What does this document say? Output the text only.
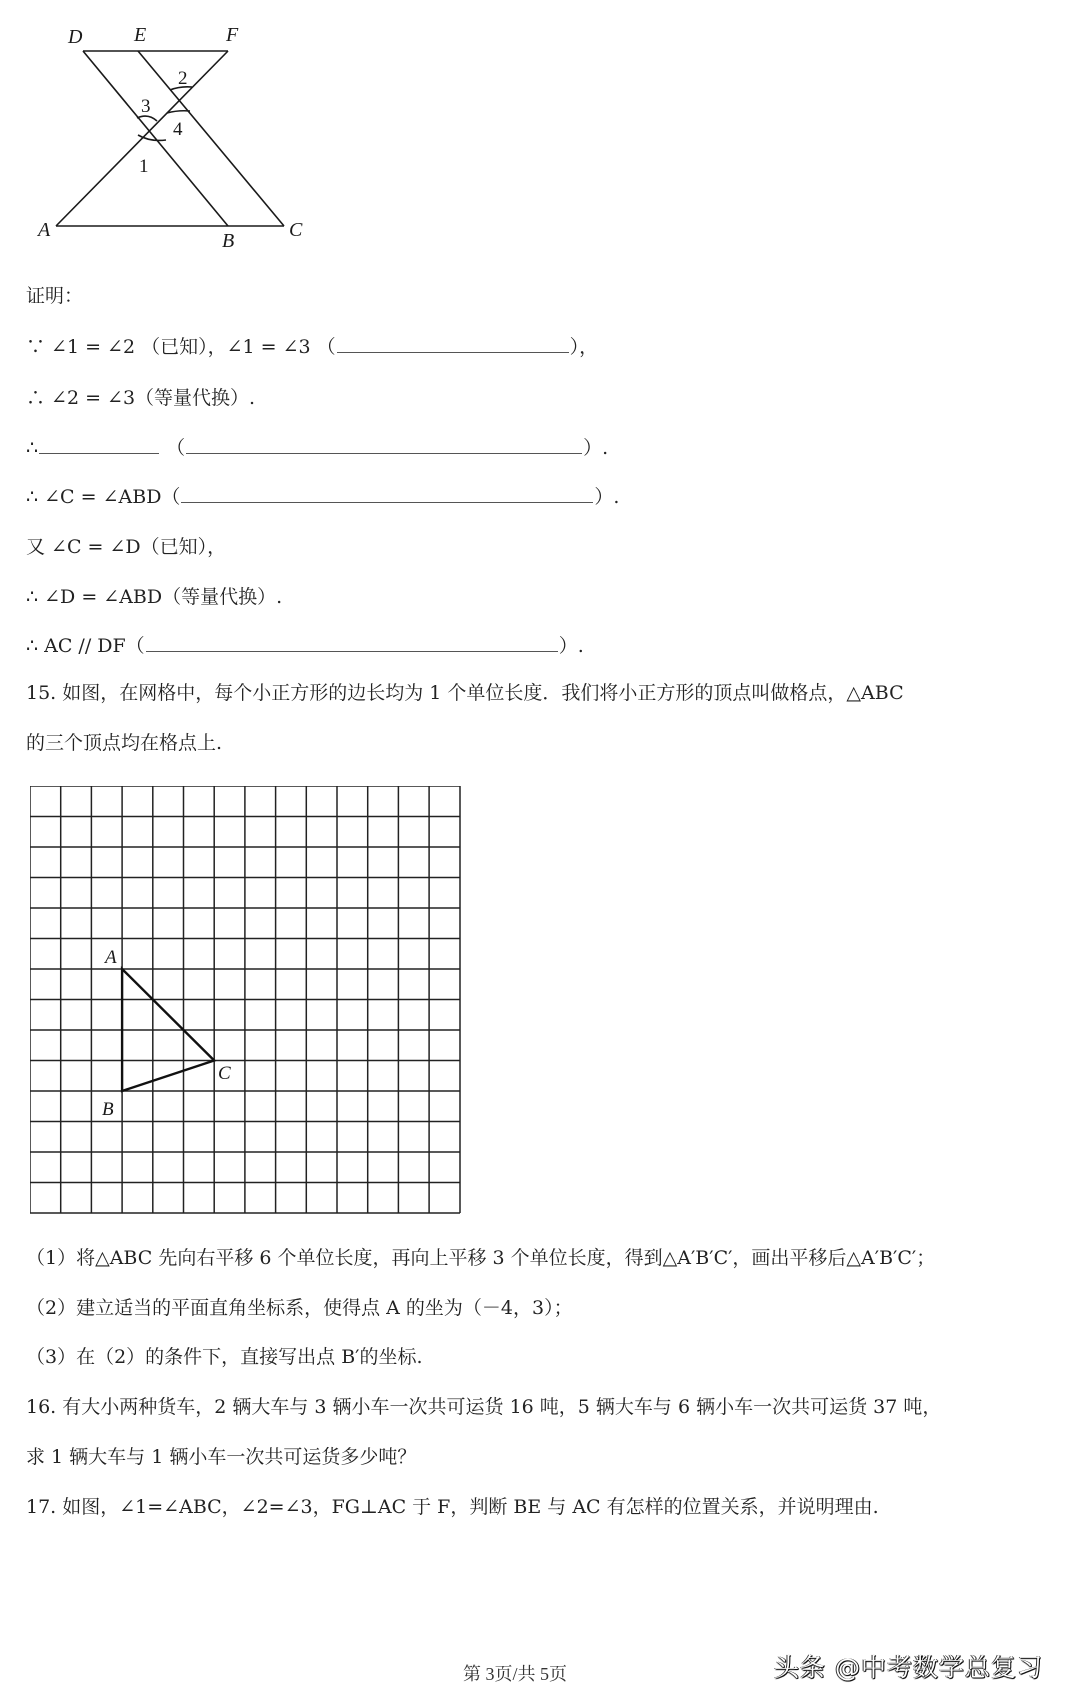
D	E	F
A	B	C
2
3
4
1
证明：
∵ ∠1 = ∠2 （已知），∠1 = ∠3 （	），
∴ ∠2 = ∠3（等量代换）.
∴	（	）.
∴ ∠C = ∠ABD（	）.
又 ∠C = ∠D（已知），
∴ ∠D = ∠ABD（等量代换）.
∴ AC // DF（	）.
15. 如图，在网格中，每个小正方形的边长均为 1 个单位长度．我们将小正方形的顶点叫做格点，△ABC
的三个顶点均在格点上.
A
B
C
（1）将△ABC 先向右平移 6 个单位长度，再向上平移 3 个单位长度，得到△A′B′C′，画出平移后△A′B′C′；
（2）建立适当的平面直角坐标系，使得点 A 的坐为（－4，3）；
（3）在（2）的条件下，直接写出点 B′的坐标.
16. 有大小两种货车，2 辆大车与 3 辆小车一次共可运货 16 吨，5 辆大车与 6 辆小车一次共可运货 37 吨，
求 1 辆大车与 1 辆小车一次共可运货多少吨？
17. 如图，∠1=∠ABC，∠2=∠3，FG⊥AC 于 F，判断 BE 与 AC 有怎样的位置关系，并说明理由.
第 3页/共 5页	头条 @中考数学总复习
